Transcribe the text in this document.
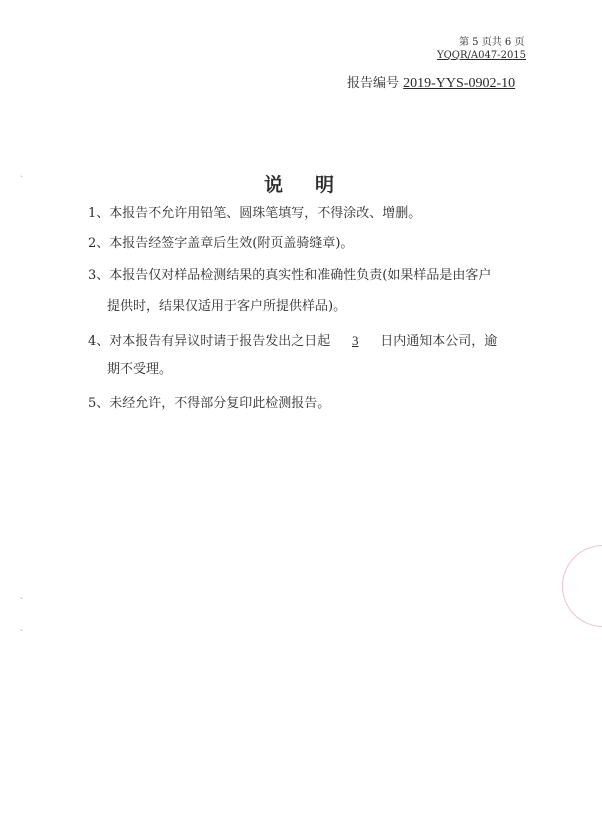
第 5 页共 6 页
YQQR/A047-2015
报告编号 2019-YYS-0902-10
说 明
1、本报告不允许用铅笔、圆珠笔填写，不得涂改、增删。
2、本报告经签字盖章后生效(附页盖骑缝章)。
3、本报告仅对样品检测结果的真实性和准确性负责(如果样品是由客户
提供时，结果仅适用于客户所提供样品)。
4、对本报告有异议时请于报告发出之日起 3 日内通知本公司，逾
期不受理。
5、未经允许，不得部分复印此检测报告。
ˎ
ˎ
ˎ
